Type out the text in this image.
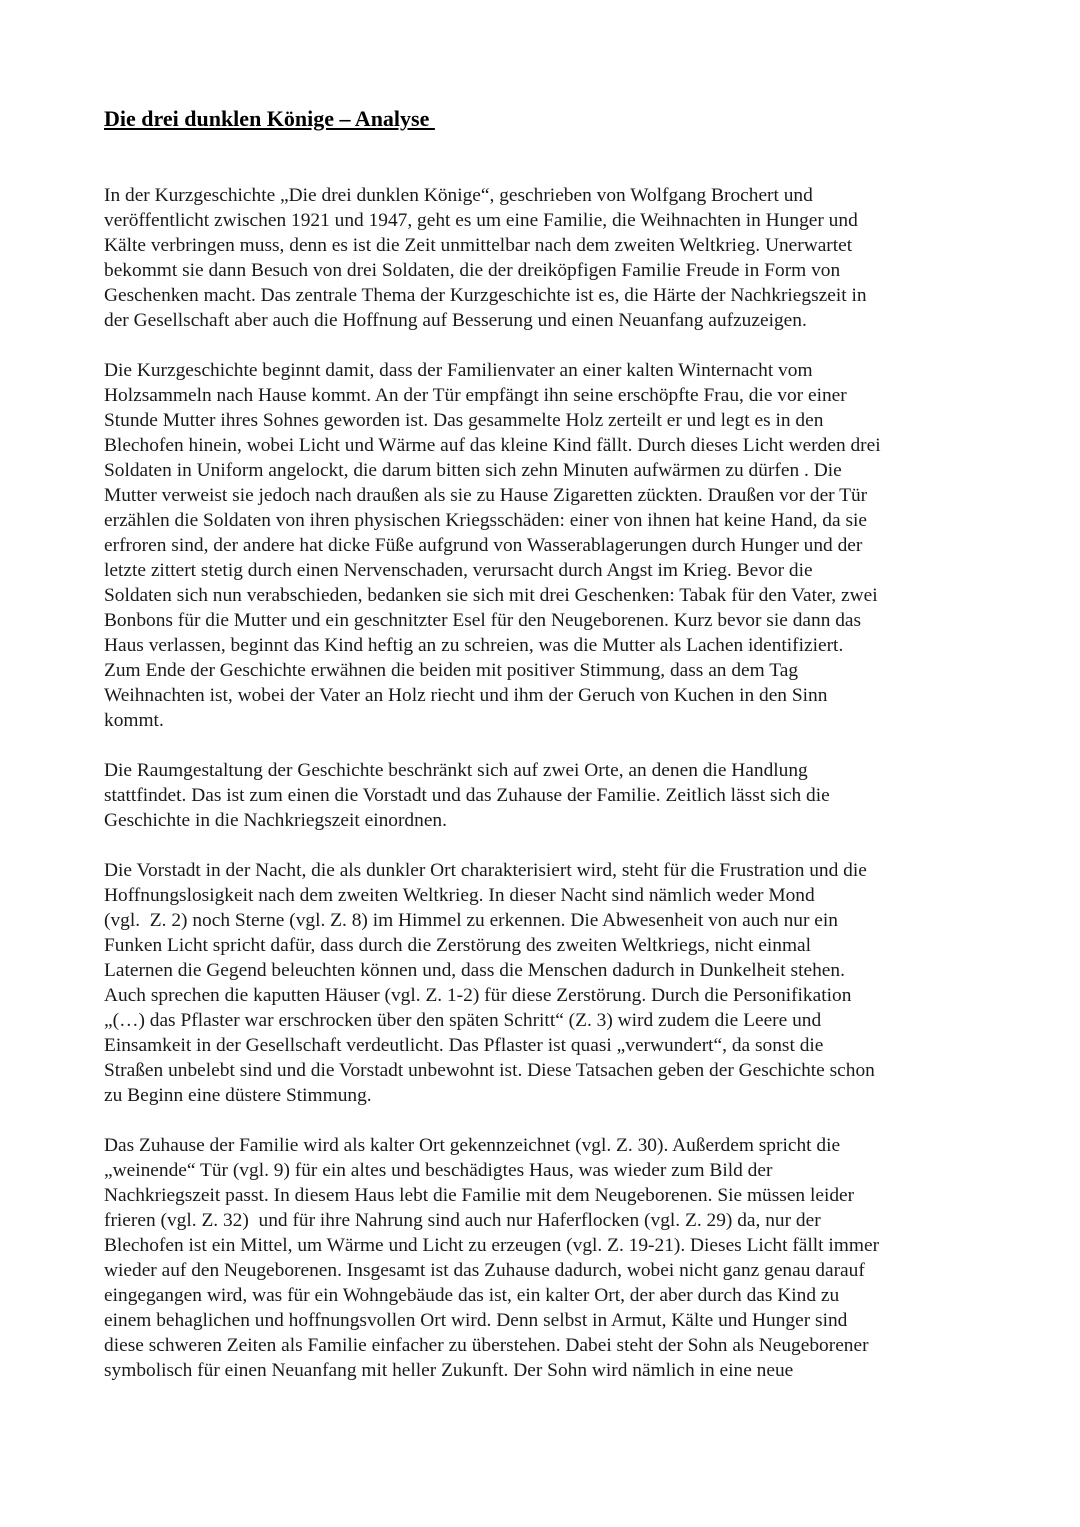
Die drei dunklen Könige – Analyse
In der Kurzgeschichte „Die drei dunklen Könige“, geschrieben von Wolfgang Brochert und
veröffentlicht zwischen 1921 und 1947, geht es um eine Familie, die Weihnachten in Hunger und
Kälte verbringen muss, denn es ist die Zeit unmittelbar nach dem zweiten Weltkrieg. Unerwartet
bekommt sie dann Besuch von drei Soldaten, die der dreiköpfigen Familie Freude in Form von
Geschenken macht. Das zentrale Thema der Kurzgeschichte ist es, die Härte der Nachkriegszeit in
der Gesellschaft aber auch die Hoffnung auf Besserung und einen Neuanfang aufzuzeigen.
Die Kurzgeschichte beginnt damit, dass der Familienvater an einer kalten Winternacht vom
Holzsammeln nach Hause kommt. An der Tür empfängt ihn seine erschöpfte Frau, die vor einer
Stunde Mutter ihres Sohnes geworden ist. Das gesammelte Holz zerteilt er und legt es in den
Blechofen hinein, wobei Licht und Wärme auf das kleine Kind fällt. Durch dieses Licht werden drei
Soldaten in Uniform angelockt, die darum bitten sich zehn Minuten aufwärmen zu dürfen . Die
Mutter verweist sie jedoch nach draußen als sie zu Hause Zigaretten zückten. Draußen vor der Tür
erzählen die Soldaten von ihren physischen Kriegsschäden: einer von ihnen hat keine Hand, da sie
erfroren sind, der andere hat dicke Füße aufgrund von Wasserablagerungen durch Hunger und der
letzte zittert stetig durch einen Nervenschaden, verursacht durch Angst im Krieg. Bevor die
Soldaten sich nun verabschieden, bedanken sie sich mit drei Geschenken: Tabak für den Vater, zwei
Bonbons für die Mutter und ein geschnitzter Esel für den Neugeborenen. Kurz bevor sie dann das
Haus verlassen, beginnt das Kind heftig an zu schreien, was die Mutter als Lachen identifiziert.
Zum Ende der Geschichte erwähnen die beiden mit positiver Stimmung, dass an dem Tag
Weihnachten ist, wobei der Vater an Holz riecht und ihm der Geruch von Kuchen in den Sinn
kommt.
Die Raumgestaltung der Geschichte beschränkt sich auf zwei Orte, an denen die Handlung
stattfindet. Das ist zum einen die Vorstadt und das Zuhause der Familie. Zeitlich lässt sich die
Geschichte in die Nachkriegszeit einordnen.
Die Vorstadt in der Nacht, die als dunkler Ort charakterisiert wird, steht für die Frustration und die
Hoffnungslosigkeit nach dem zweiten Weltkrieg. In dieser Nacht sind nämlich weder Mond
(vgl.  Z. 2) noch Sterne (vgl. Z. 8) im Himmel zu erkennen. Die Abwesenheit von auch nur ein
Funken Licht spricht dafür, dass durch die Zerstörung des zweiten Weltkriegs, nicht einmal
Laternen die Gegend beleuchten können und, dass die Menschen dadurch in Dunkelheit stehen.
Auch sprechen die kaputten Häuser (vgl. Z. 1-2) für diese Zerstörung. Durch die Personifikation
„(…) das Pflaster war erschrocken über den späten Schritt“ (Z. 3) wird zudem die Leere und
Einsamkeit in der Gesellschaft verdeutlicht. Das Pflaster ist quasi „verwundert“, da sonst die
Straßen unbelebt sind und die Vorstadt unbewohnt ist. Diese Tatsachen geben der Geschichte schon
zu Beginn eine düstere Stimmung.
Das Zuhause der Familie wird als kalter Ort gekennzeichnet (vgl. Z. 30). Außerdem spricht die
„weinende“ Tür (vgl. 9) für ein altes und beschädigtes Haus, was wieder zum Bild der
Nachkriegszeit passt. In diesem Haus lebt die Familie mit dem Neugeborenen. Sie müssen leider
frieren (vgl. Z. 32)  und für ihre Nahrung sind auch nur Haferflocken (vgl. Z. 29) da, nur der
Blechofen ist ein Mittel, um Wärme und Licht zu erzeugen (vgl. Z. 19-21). Dieses Licht fällt immer
wieder auf den Neugeborenen. Insgesamt ist das Zuhause dadurch, wobei nicht ganz genau darauf
eingegangen wird, was für ein Wohngebäude das ist, ein kalter Ort, der aber durch das Kind zu
einem behaglichen und hoffnungsvollen Ort wird. Denn selbst in Armut, Kälte und Hunger sind
diese schweren Zeiten als Familie einfacher zu überstehen. Dabei steht der Sohn als Neugeborener
symbolisch für einen Neuanfang mit heller Zukunft. Der Sohn wird nämlich in eine neue
